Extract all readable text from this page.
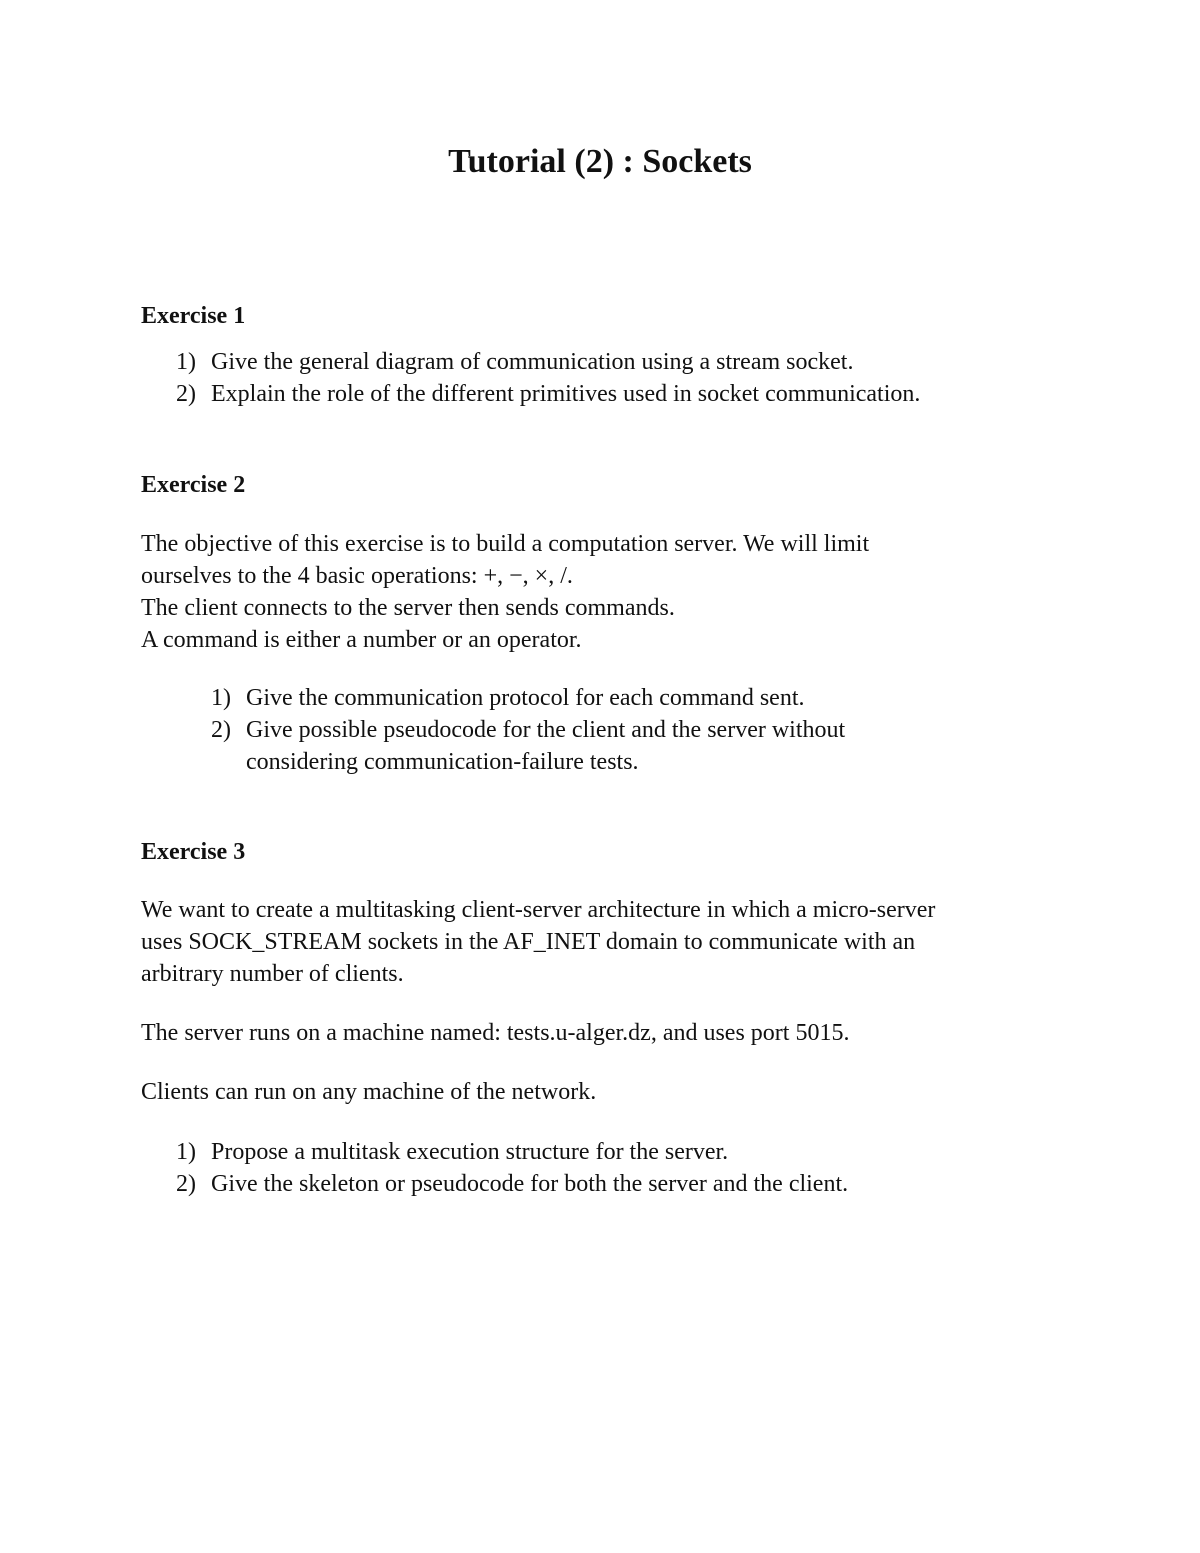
Tutorial (2) : Sockets
Exercise 1
1) Give the general diagram of communication using a stream socket.
2) Explain the role of the different primitives used in socket communication.
Exercise 2

The objective of this exercise is to build a computation server. We will limit
ourselves to the 4 basic operations: +, −, ×, /.
The client connects to the server then sends commands.
A command is either a number or an operator.

1) Give the communication protocol for each command sent.
2) Give possible pseudocode for the client and the server without
considering communication-failure tests.
Exercise 3

We want to create a multitasking client-server architecture in which a micro-server
uses SOCK_STREAM sockets in the AF_INET domain to communicate with an
arbitrary number of clients.

The server runs on a machine named: tests.u-alger.dz, and uses port 5015.

Clients can run on any machine of the network.

1) Propose a multitask execution structure for the server.
2) Give the skeleton or pseudocode for both the server and the client.
